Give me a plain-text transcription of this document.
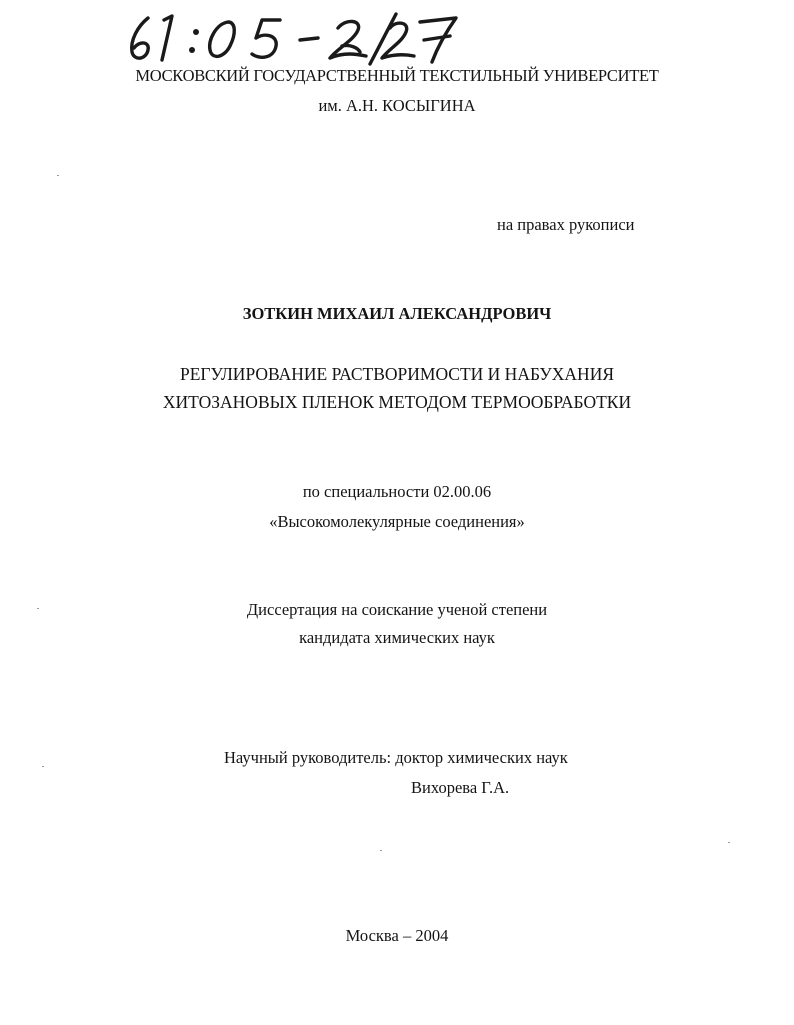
МОСКОВСКИЙ ГОСУДАРСТВЕННЫЙ ТЕКСТИЛЬНЫЙ УНИВЕРСИТЕТ
им. А.Н. КОСЫГИНА
на правах рукописи
ЗОТКИН МИХАИЛ АЛЕКСАНДРОВИЧ
РЕГУЛИРОВАНИЕ РАСТВОРИМОСТИ И НАБУХАНИЯ
ХИТОЗАНОВЫХ ПЛЕНОК МЕТОДОМ ТЕРМООБРАБОТКИ
по специальности 02.00.06
«Высокомолекулярные соединения»
Диссертация на соискание ученой степени
кандидата химических наук
Научный руководитель: доктор химических наук
Вихорева Г.А.
Москва – 2004
